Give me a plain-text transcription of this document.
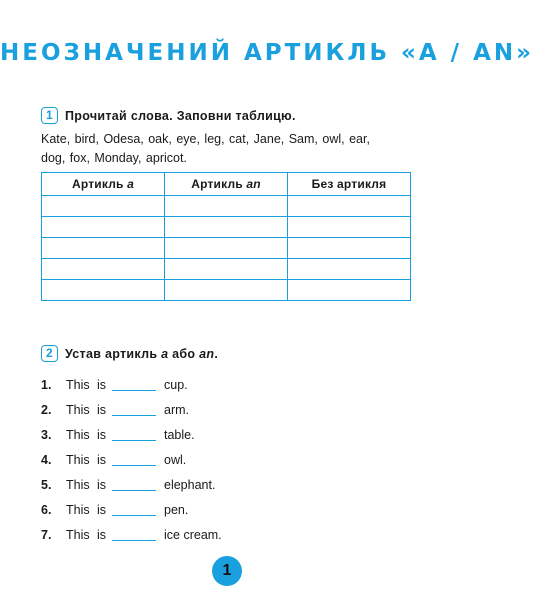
НЕОЗНАЧЕНИЙ АРТИКЛЬ «A / AN»
1 Прочитай слова. Заповни таблицю.
Kate, bird, Odesa, oak, eye, leg, cat, Jane, Sam, owl, ear,
dog, fox, Monday, apricot.
Артикль a	Артикль an	Без артикля

2 Устав артикль a або an.
1.	This is	cup.
2.	This is	arm.
3.	This is	table.
4.	This is	owl.
5.	This is	elephant.
6.	This is	pen.
7.	This is	ice cream.
1
